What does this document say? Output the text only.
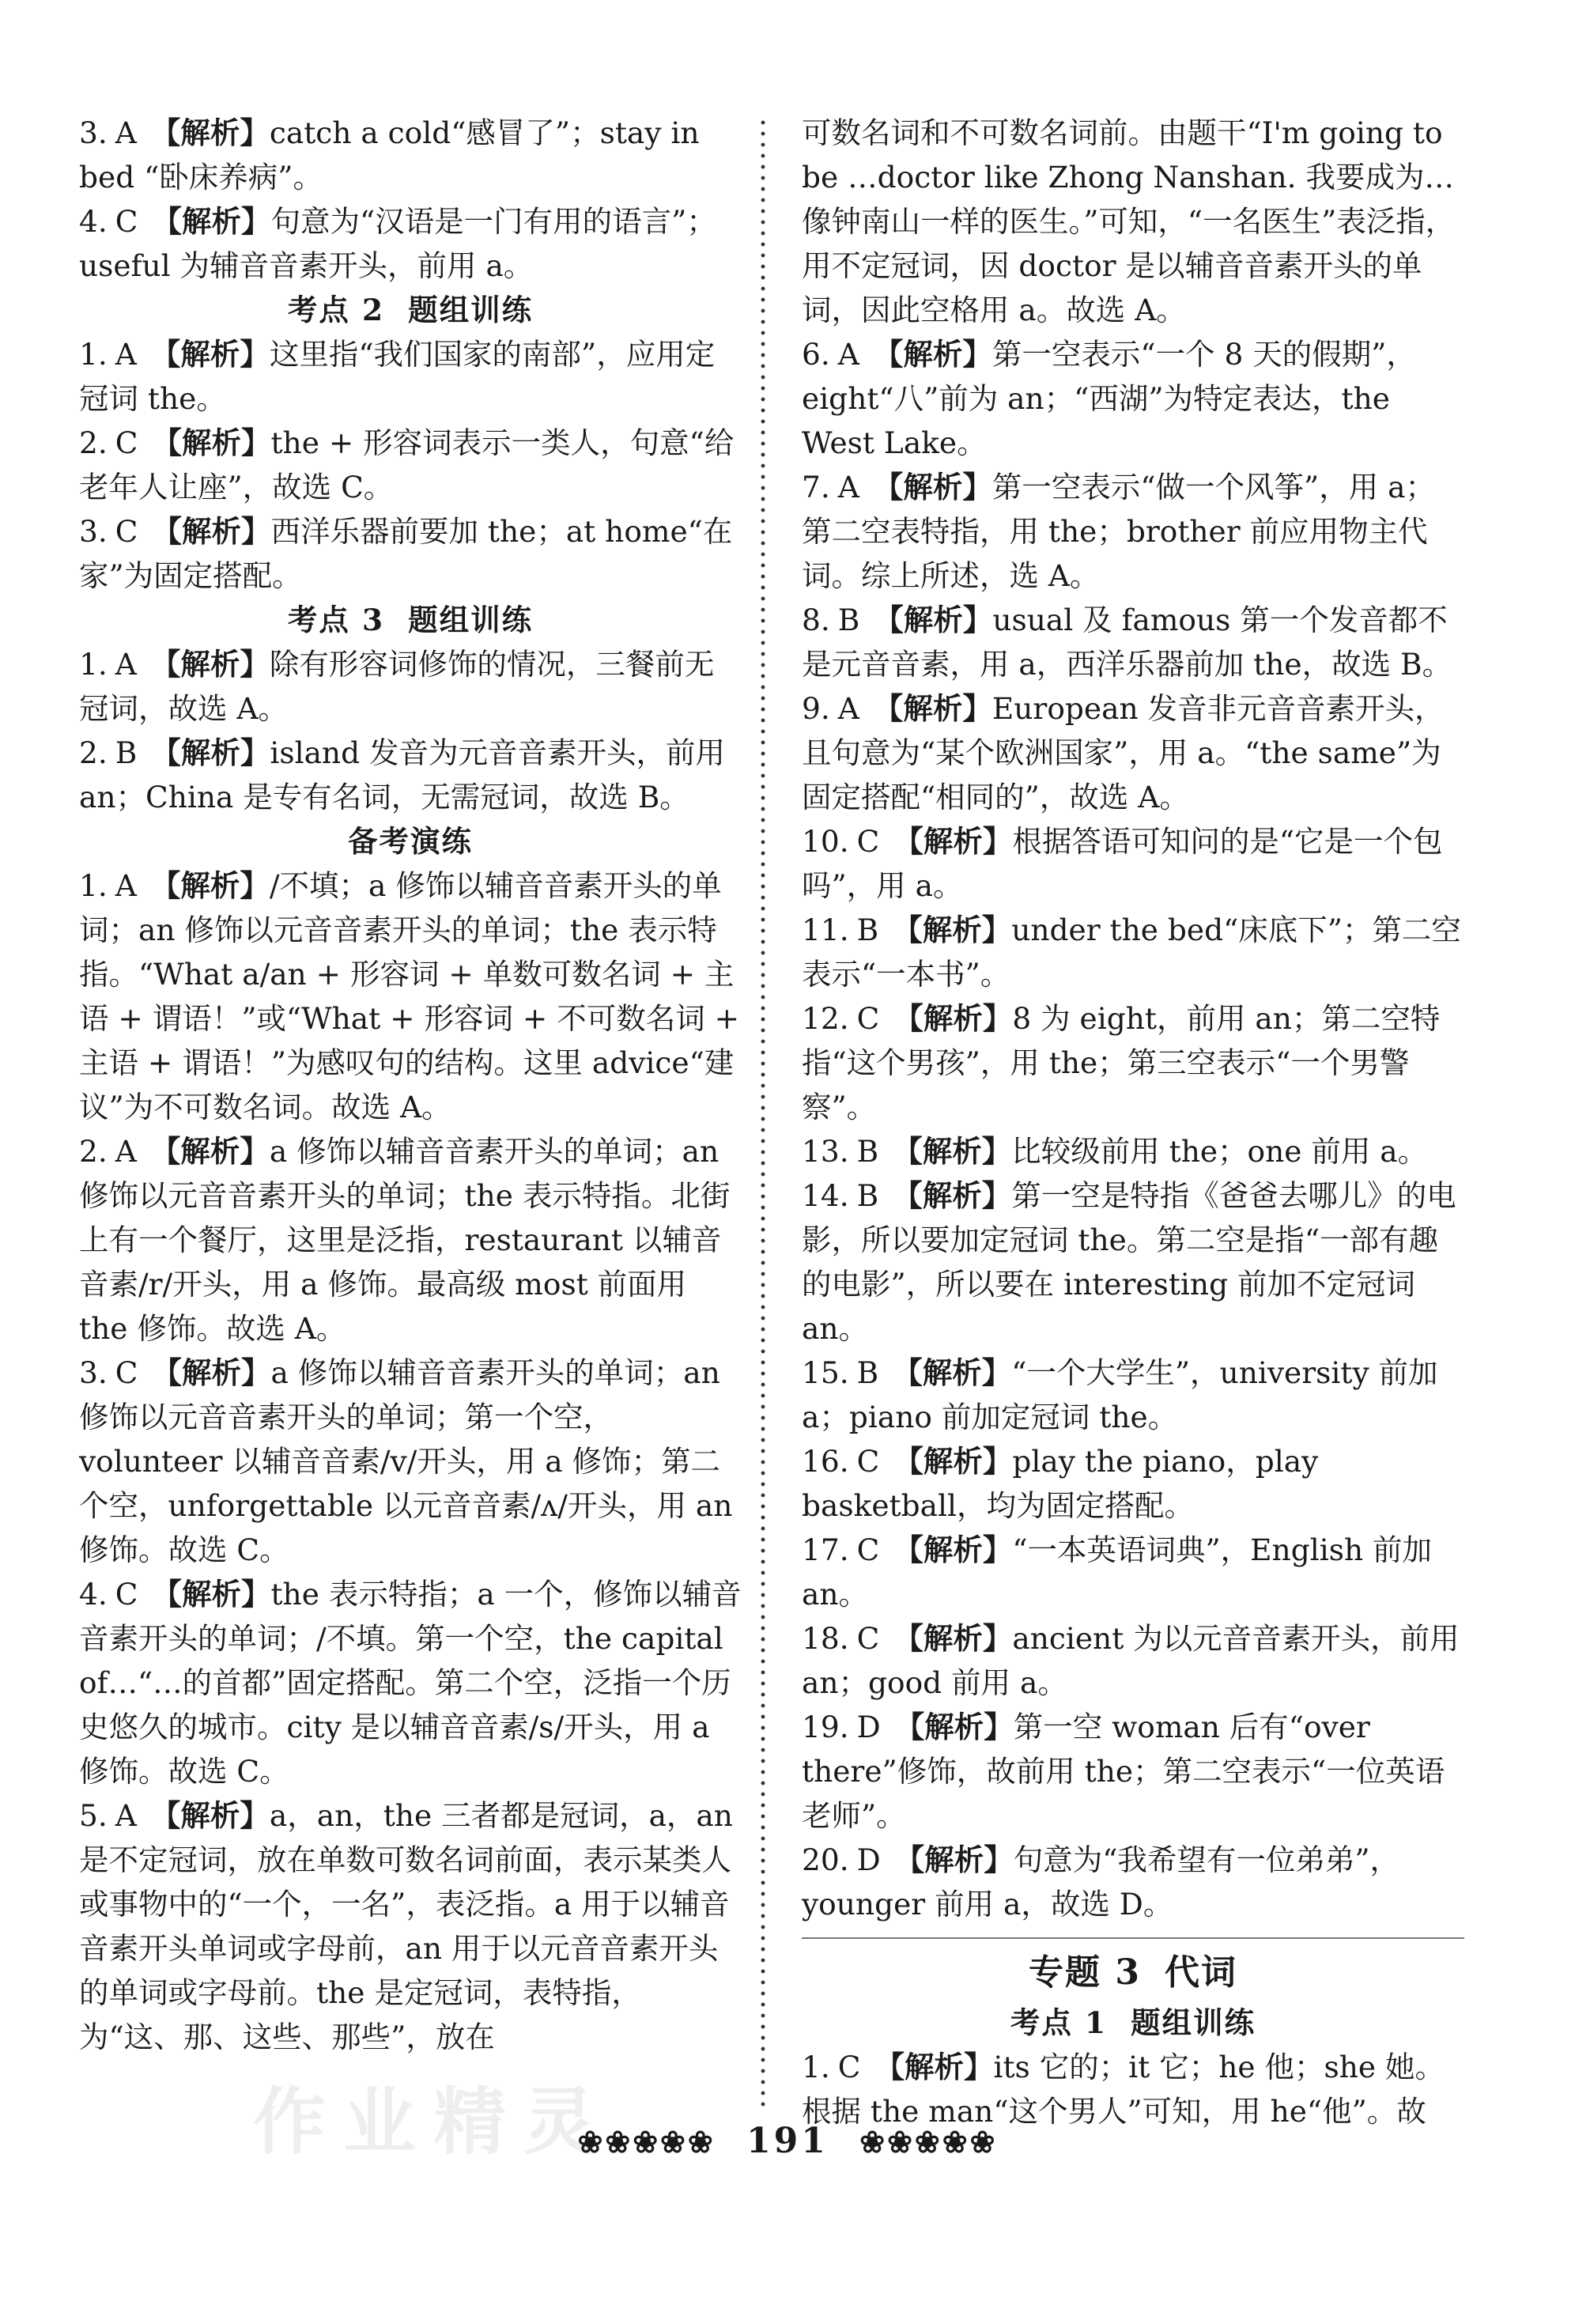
3. A 【解析】catch a cold“感冒了”；stay in bed “卧床养病”。
4. C 【解析】句意为“汉语是一门有用的语言”；useful 为辅音音素开头，前用 a。
考点 2 题组训练
1. A 【解析】这里指“我们国家的南部”，应用定冠词 the。
2. C 【解析】the + 形容词表示一类人，句意“给老年人让座”，故选 C。
3. C 【解析】西洋乐器前要加 the；at home“在家”为固定搭配。
考点 3 题组训练
1. A 【解析】除有形容词修饰的情况，三餐前无冠词，故选 A。
2. B 【解析】island 发音为元音音素开头，前用 an；China 是专有名词，无需冠词，故选 B。
备考演练
1. A 【解析】/不填；a 修饰以辅音音素开头的单词；an 修饰以元音音素开头的单词；the 表示特指。“What a/an + 形容词 + 单数可数名词 + 主语 + 谓语！”或“What + 形容词 + 不可数名词 + 主语 + 谓语！”为感叹句的结构。这里 advice“建议”为不可数名词。故选 A。
2. A 【解析】a 修饰以辅音音素开头的单词；an 修饰以元音音素开头的单词；the 表示特指。北街上有一个餐厅，这里是泛指，restaurant 以辅音音素/r/开头，用 a 修饰。最高级 most 前面用 the 修饰。故选 A。
3. C 【解析】a 修饰以辅音音素开头的单词；an 修饰以元音音素开头的单词；第一个空，volunteer 以辅音音素/v/开头，用 a 修饰；第二个空，unforgettable 以元音音素/ʌ/开头，用 an 修饰。故选 C。
4. C 【解析】the 表示特指；a 一个，修饰以辅音音素开头的单词；/不填。第一个空，the capital of…“…的首都”固定搭配。第二个空，泛指一个历史悠久的城市。city 是以辅音音素/s/开头，用 a 修饰。故选 C。
5. A 【解析】a，an，the 三者都是冠词，a，an 是不定冠词，放在单数可数名词前面，表示某类人或事物中的“一个，一名”，表泛指。a 用于以辅音音素开头单词或字母前，an 用于以元音音素开头的单词或字母前。the 是定冠词，表特指，为“这、那、这些、那些”，放在
可数名词和不可数名词前。由题干“I'm going to be …doctor like Zhong Nanshan. 我要成为…像钟南山一样的医生。”可知，“一名医生”表泛指，用不定冠词，因 doctor 是以辅音音素开头的单词，因此空格用 a。故选 A。
6. A 【解析】第一空表示“一个 8 天的假期”，eight“八”前为 an；“西湖”为特定表达，the West Lake。
7. A 【解析】第一空表示“做一个风筝”，用 a；第二空表特指，用 the；brother 前应用物主代词。综上所述，选 A。
8. B 【解析】usual 及 famous 第一个发音都不是元音音素，用 a，西洋乐器前加 the，故选 B。
9. A 【解析】European 发音非元音音素开头，且句意为“某个欧洲国家”，用 a。“the same”为固定搭配“相同的”，故选 A。
10. C 【解析】根据答语可知问的是“它是一个包吗”，用 a。
11. B 【解析】under the bed“床底下”；第二空表示“一本书”。
12. C 【解析】8 为 eight，前用 an；第二空特指“这个男孩”，用 the；第三空表示“一个男警察”。
13. B 【解析】比较级前用 the；one 前用 a。
14. B 【解析】第一空是特指《爸爸去哪儿》的电影，所以要加定冠词 the。第二空是指“一部有趣的电影”，所以要在 interesting 前加不定冠词 an。
15. B 【解析】“一个大学生”，university 前加 a；piano 前加定冠词 the。
16. C 【解析】play the piano，play basketball，均为固定搭配。
17. C 【解析】“一本英语词典”，English 前加 an。
18. C 【解析】ancient 为以元音音素开头，前用 an；good 前用 a。
19. D 【解析】第一空 woman 后有“over there”修饰，故前用 the；第二空表示“一位英语老师”。
20. D 【解析】句意为“我希望有一位弟弟”，younger 前用 a，故选 D。
专题 3 代词
考点 1 题组训练
1. C 【解析】its 它的；it 它；he 他；she 她。根据 the man“这个男人”可知，用 he“他”。故
作业精灵
❀❀❀❀❀ 191 ❀❀❀❀❀
